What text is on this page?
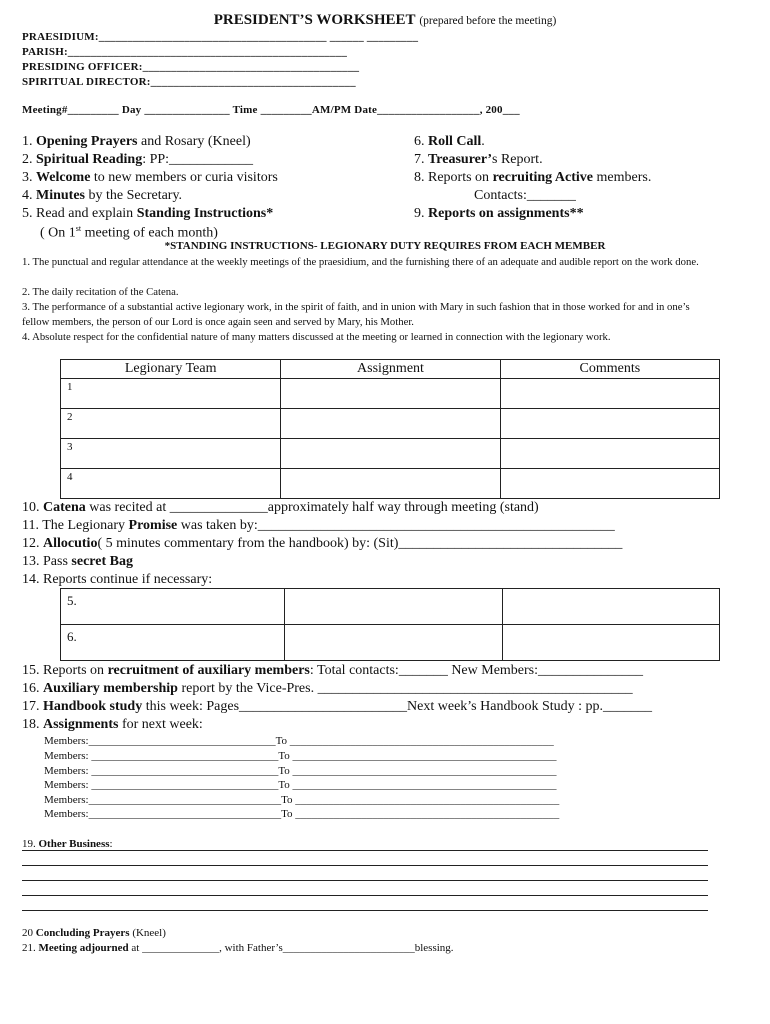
PRESIDENT’S WORKSHEET (prepared before the meeting)
PRAESIDIUM:________________________________________ ______ _________
PARISH:_________________________________________________
PRESIDING OFFICER:______________________________________
SPIRITUAL DIRECTOR:____________________________________
Meeting#_________ Day _______________ Time _________AM/PM Date__________________, 200___
1. Opening Prayers and Rosary (Kneel)
2. Spiritual Reading: PP:____________
3. Welcome to new members or curia visitors
4. Minutes by the Secretary.
5. Read and explain Standing Instructions*
( On 1st meeting of each month)
6. Roll Call.
7. Treasurer’s Report.
8. Reports on recruiting Active members.
Contacts:_______
9. Reports on assignments**
*STANDING INSTRUCTIONS- LEGIONARY DUTY REQUIRES FROM EACH MEMBER
1. The punctual and regular attendance at the weekly meetings of the praesidium, and the furnishing there of an adequate and audible report on the work done.
2. The daily recitation of the Catena.
3. The performance of a substantial active legionary work, in the spirit of faith, and in union with Mary in such fashion that in those worked for and in one’s fellow members, the person of our Lord is once again seen and served by Mary, his Mother.
4. Absolute respect for the confidential nature of many matters discussed at the meeting or learned in connection with the legionary work.
Legionary Team	Assignment	Comments
1		
2		
3		
4		
10. Catena was recited at ______________approximately half way through meeting (stand)
11. The Legionary Promise was taken by:___________________________________________________
12. Allocutio( 5 minutes commentary from the handbook) by: (Sit)________________________________
13. Pass secret Bag
14. Reports continue if necessary:
5.		
6.		
15. Reports on recruitment of auxiliary members: Total contacts:_______ New Members:_______________
16. Auxiliary membership report by the Vice-Pres. _____________________________________________
17. Handbook study this week: Pages________________________Next week’s Handbook Study : pp._______
18. Assignments for next week:
Members:__________________________________To ________________________________________________
Members: __________________________________To ________________________________________________
Members: __________________________________To ________________________________________________
Members: __________________________________To ________________________________________________
Members:___________________________________To ________________________________________________
Members:___________________________________To ________________________________________________
19. Other Business:
20 Concluding Prayers (Kneel)
21. Meeting adjourned at ______________, with Father’s________________________blessing.
